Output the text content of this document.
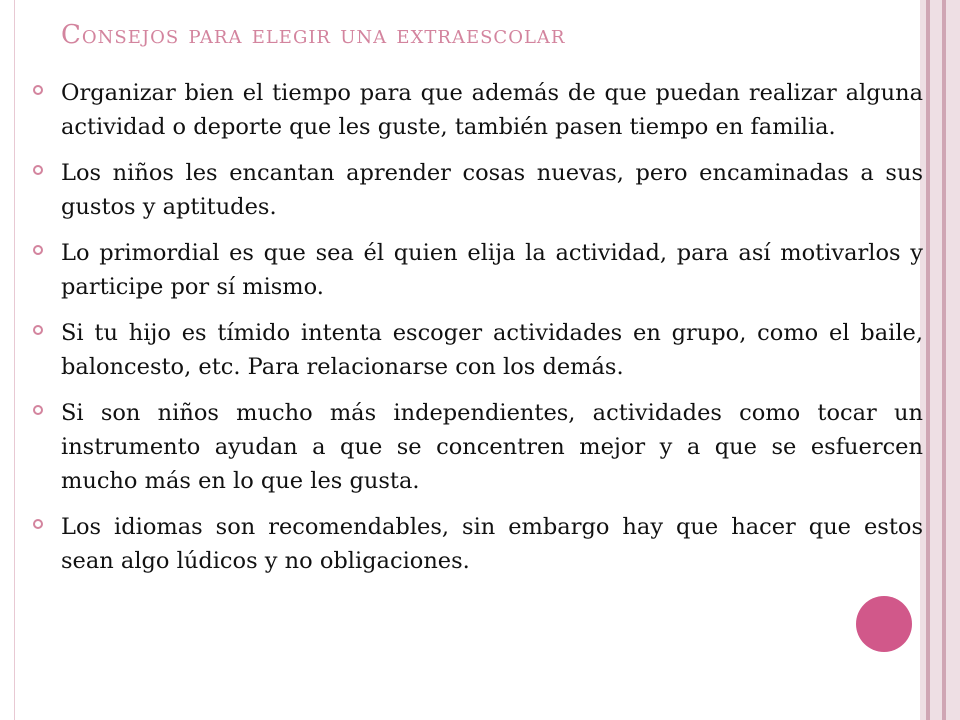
Consejos para elegir una extraescolar
Organizar bien el tiempo para que además de que puedan realizar alguna actividad o deporte que les guste, también pasen tiempo en familia.
Los niños les encantan aprender cosas nuevas, pero encaminadas a sus gustos y aptitudes.
Lo primordial es que sea él quien elija la actividad, para así motivarlos y participe por sí mismo.
Si tu hijo es tímido intenta escoger actividades en grupo, como el baile, baloncesto, etc. Para relacionarse con los demás.
Si son niños mucho más independientes, actividades como tocar un instrumento ayudan a que se concentren mejor y a que se esfuercen mucho más en lo que les gusta.
Los idiomas son recomendables, sin embargo hay que hacer que estos sean algo lúdicos y no obligaciones.
